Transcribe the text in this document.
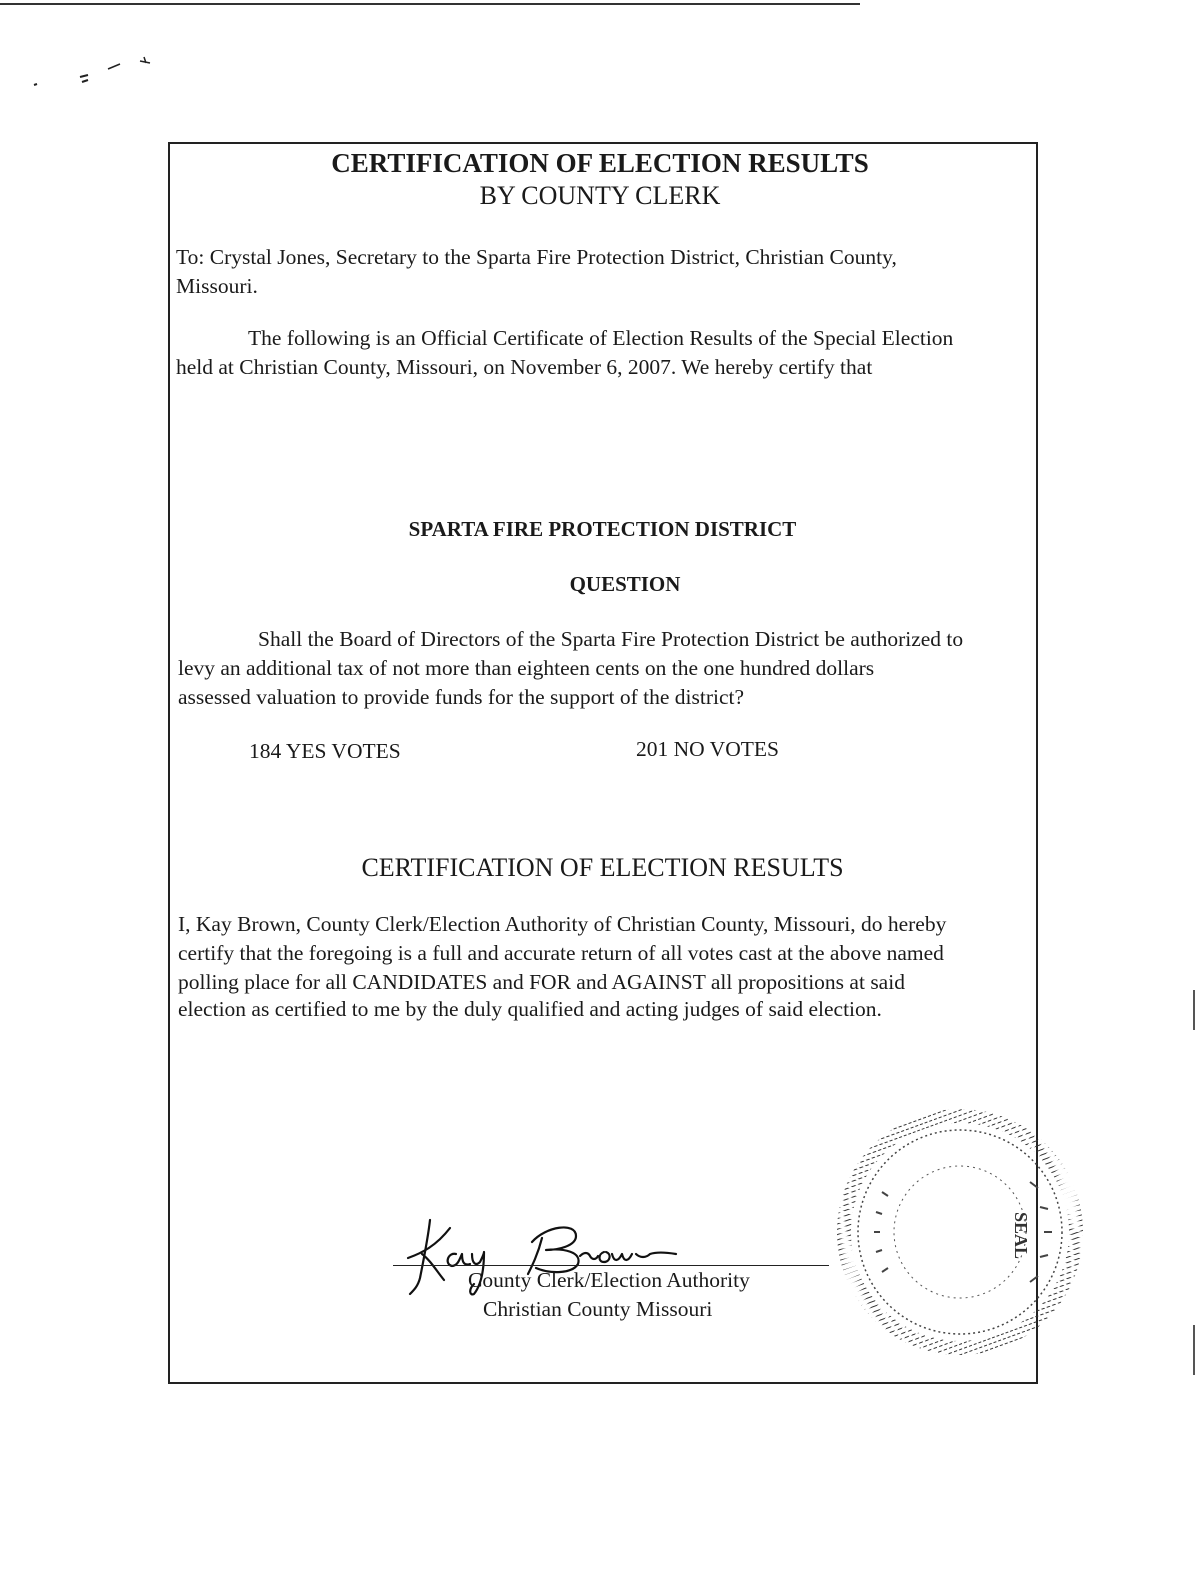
CERTIFICATION OF ELECTION RESULTS
BY COUNTY CLERK
To: Crystal Jones, Secretary to the Sparta Fire Protection District, Christian County,
Missouri.
The following is an Official Certificate of Election Results of the Special Election
held at Christian County, Missouri, on November 6, 2007. We hereby certify that
SPARTA FIRE PROTECTION DISTRICT
QUESTION
Shall the Board of Directors of the Sparta Fire Protection District be authorized to
levy an additional tax of not more than eighteen cents on the one hundred dollars
assessed valuation to provide funds for the support of the district?
184 YES VOTES	201 NO VOTES
CERTIFICATION OF ELECTION RESULTS
I, Kay Brown, County Clerk/Election Authority of Christian County, Missouri, do hereby
certify that the foregoing is a full and accurate return of all votes cast at the above named
polling place for all CANDIDATES and FOR and AGAINST all propositions at said
election as certified to me by the duly qualified and acting judges of said election.
County Clerk/Election Authority
Christian County Missouri
SEAL
